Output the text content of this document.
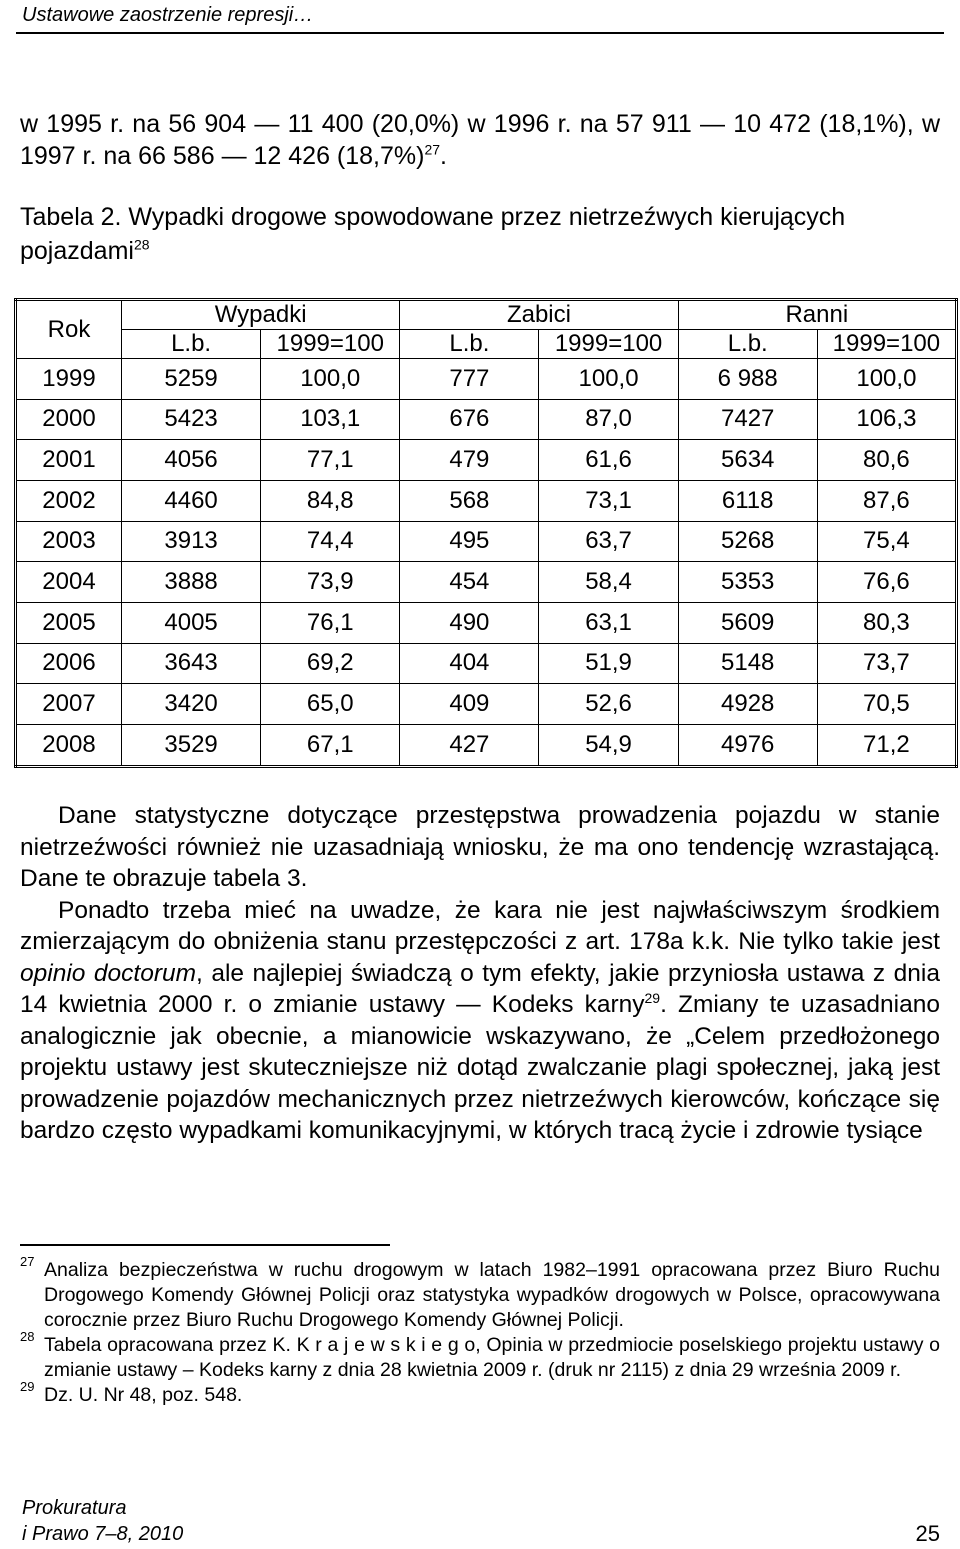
Ustawowe zaostrzenie represji…
w 1995 r. na 56 904 — 11 400 (20,0%) w 1996 r. na 57 911 — 10 472 (18,1%), w 1997 r. na 66 586 — 12 426 $(18,7\%)^{27}$.
Tabela 2. Wypadki drogowe spowodowane przez nietrzeźwych kierujących pojazdami$^{28}$
Rok	Wypadki		Zabici		Ranni	
	L.b.	1999=100	L.b.	1999=100	L.b.	1999=100
1999	5259	100,0	777	100,0	6 988	100,0
2000	5423	103,1	676	87,0	7427	106,3
2001	4056	77,1	479	61,6	5634	80,6
2002	4460	84,8	568	73,1	6118	87,6
2003	3913	74,4	495	63,7	5268	75,4
2004	3888	73,9	454	58,4	5353	76,6
2005	4005	76,1	490	63,1	5609	80,3
2006	3643	69,2	404	51,9	5148	73,7
2007	3420	65,0	409	52,6	4928	70,5
2008	3529	67,1	427	54,9	4976	71,2

Dane statystyczne dotyczące przestępstwa prowadzenia pojazdu w stanie nietrzeźwości również nie uzasadniają wniosku, że ma ono tendencję wzrastającą. Dane te obrazuje tabela 3.

Ponadto trzeba mieć na uwadze, że kara nie jest najwłaściwszym środkiem zmierzającym do obniżenia stanu przestępczości z art. 178a k.k. Nie tylko takie jest opinio doctorum, ale najlepiej świadczą o tym efekty, jakie przyniosła ustawa z dnia 14 kwietnia 2000 r. o zmianie ustawy — Kodeks karny$^{29}$. Zmiany te uzasadniano analogicznie jak obecnie, a mianowicie wskazywano, że „Celem przedłożonego projektu ustawy jest skuteczniejsze niż dotąd zwalczanie plagi społecznej, jaką jest prowadzenie pojazdów mechanicznych przez nietrzeźwych kierowców, kończące się bardzo często wypadkami komunikacyjnymi, w których tracą życie i zdrowie tysiące

27 Analiza bezpieczeństwa w ruchu drogowym w latach 1982–1991 opracowana przez Biuro Ruchu Drogowego Komendy Głównej Policji oraz statystyka wypadków drogowych w Polsce, opracowywana corocznie przez Biuro Ruchu Drogowego Komendy Głównej Policji.
28 Tabela opracowana przez K. K r a j e w s k i e g o, Opinia w przedmiocie poselskiego projektu ustawy o zmianie ustawy – Kodeks karny z dnia 28 kwietnia 2009 r. (druk nr 2115) z dnia 29 września 2009 r.
29 Dz. U. Nr 48, poz. 548.
Prokuratura
i Prawo 7–8, 2010	25
